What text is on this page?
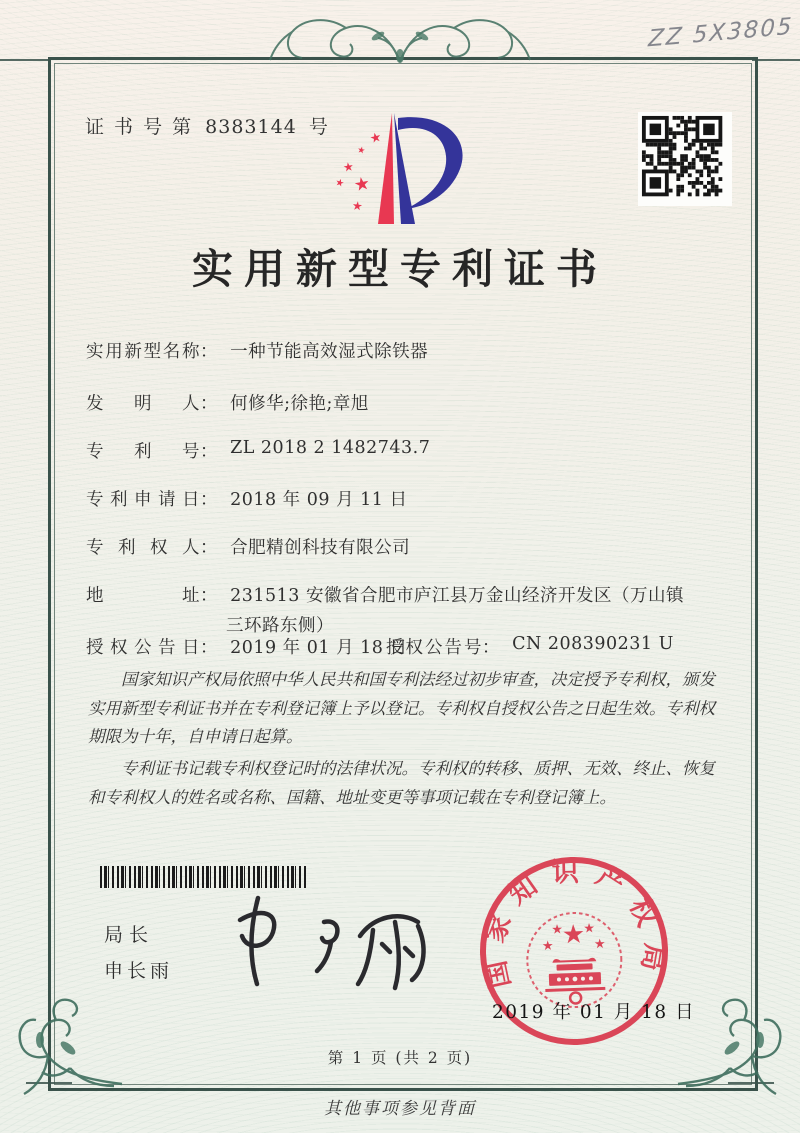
ZZ 5X3805
证 书 号 第 8383144 号
★
★
★
★ ★
★
实用新型专利证书
实用新型名称： 一种节能高效湿式除铁器
发明人： 何修华;徐艳;章旭
专利号： ZL 2018 2 1482743.7
专利申请日： 2018 年 09 月 11 日
专利权人： 合肥精创科技有限公司
地址： 231513 安徽省合肥市庐江县万金山经济开发区（万山镇
三环路东侧）
授权公告日： 2019 年 01 月 18 日
授权公告号： CN 208390231 U

国家知识产权局依照中华人民共和国专利法经过初步审查，决定授予专利权，颁发实用新型专利证书并在专利登记簿上予以登记。专利权自授权公告之日起生效。专利权期限为十年，自申请日起算。

专利证书记载专利权登记时的法律状况。专利权的转移、质押、无效、终止、恢复和专利权人的姓名或名称、国籍、地址变更等事项记载在专利登记簿上。

局长
申长雨	国家知识产权局
★
★
★ ★
★
2019 年 01 月 18 日
第 1 页 (共 2 页)
其他事项参见背面
